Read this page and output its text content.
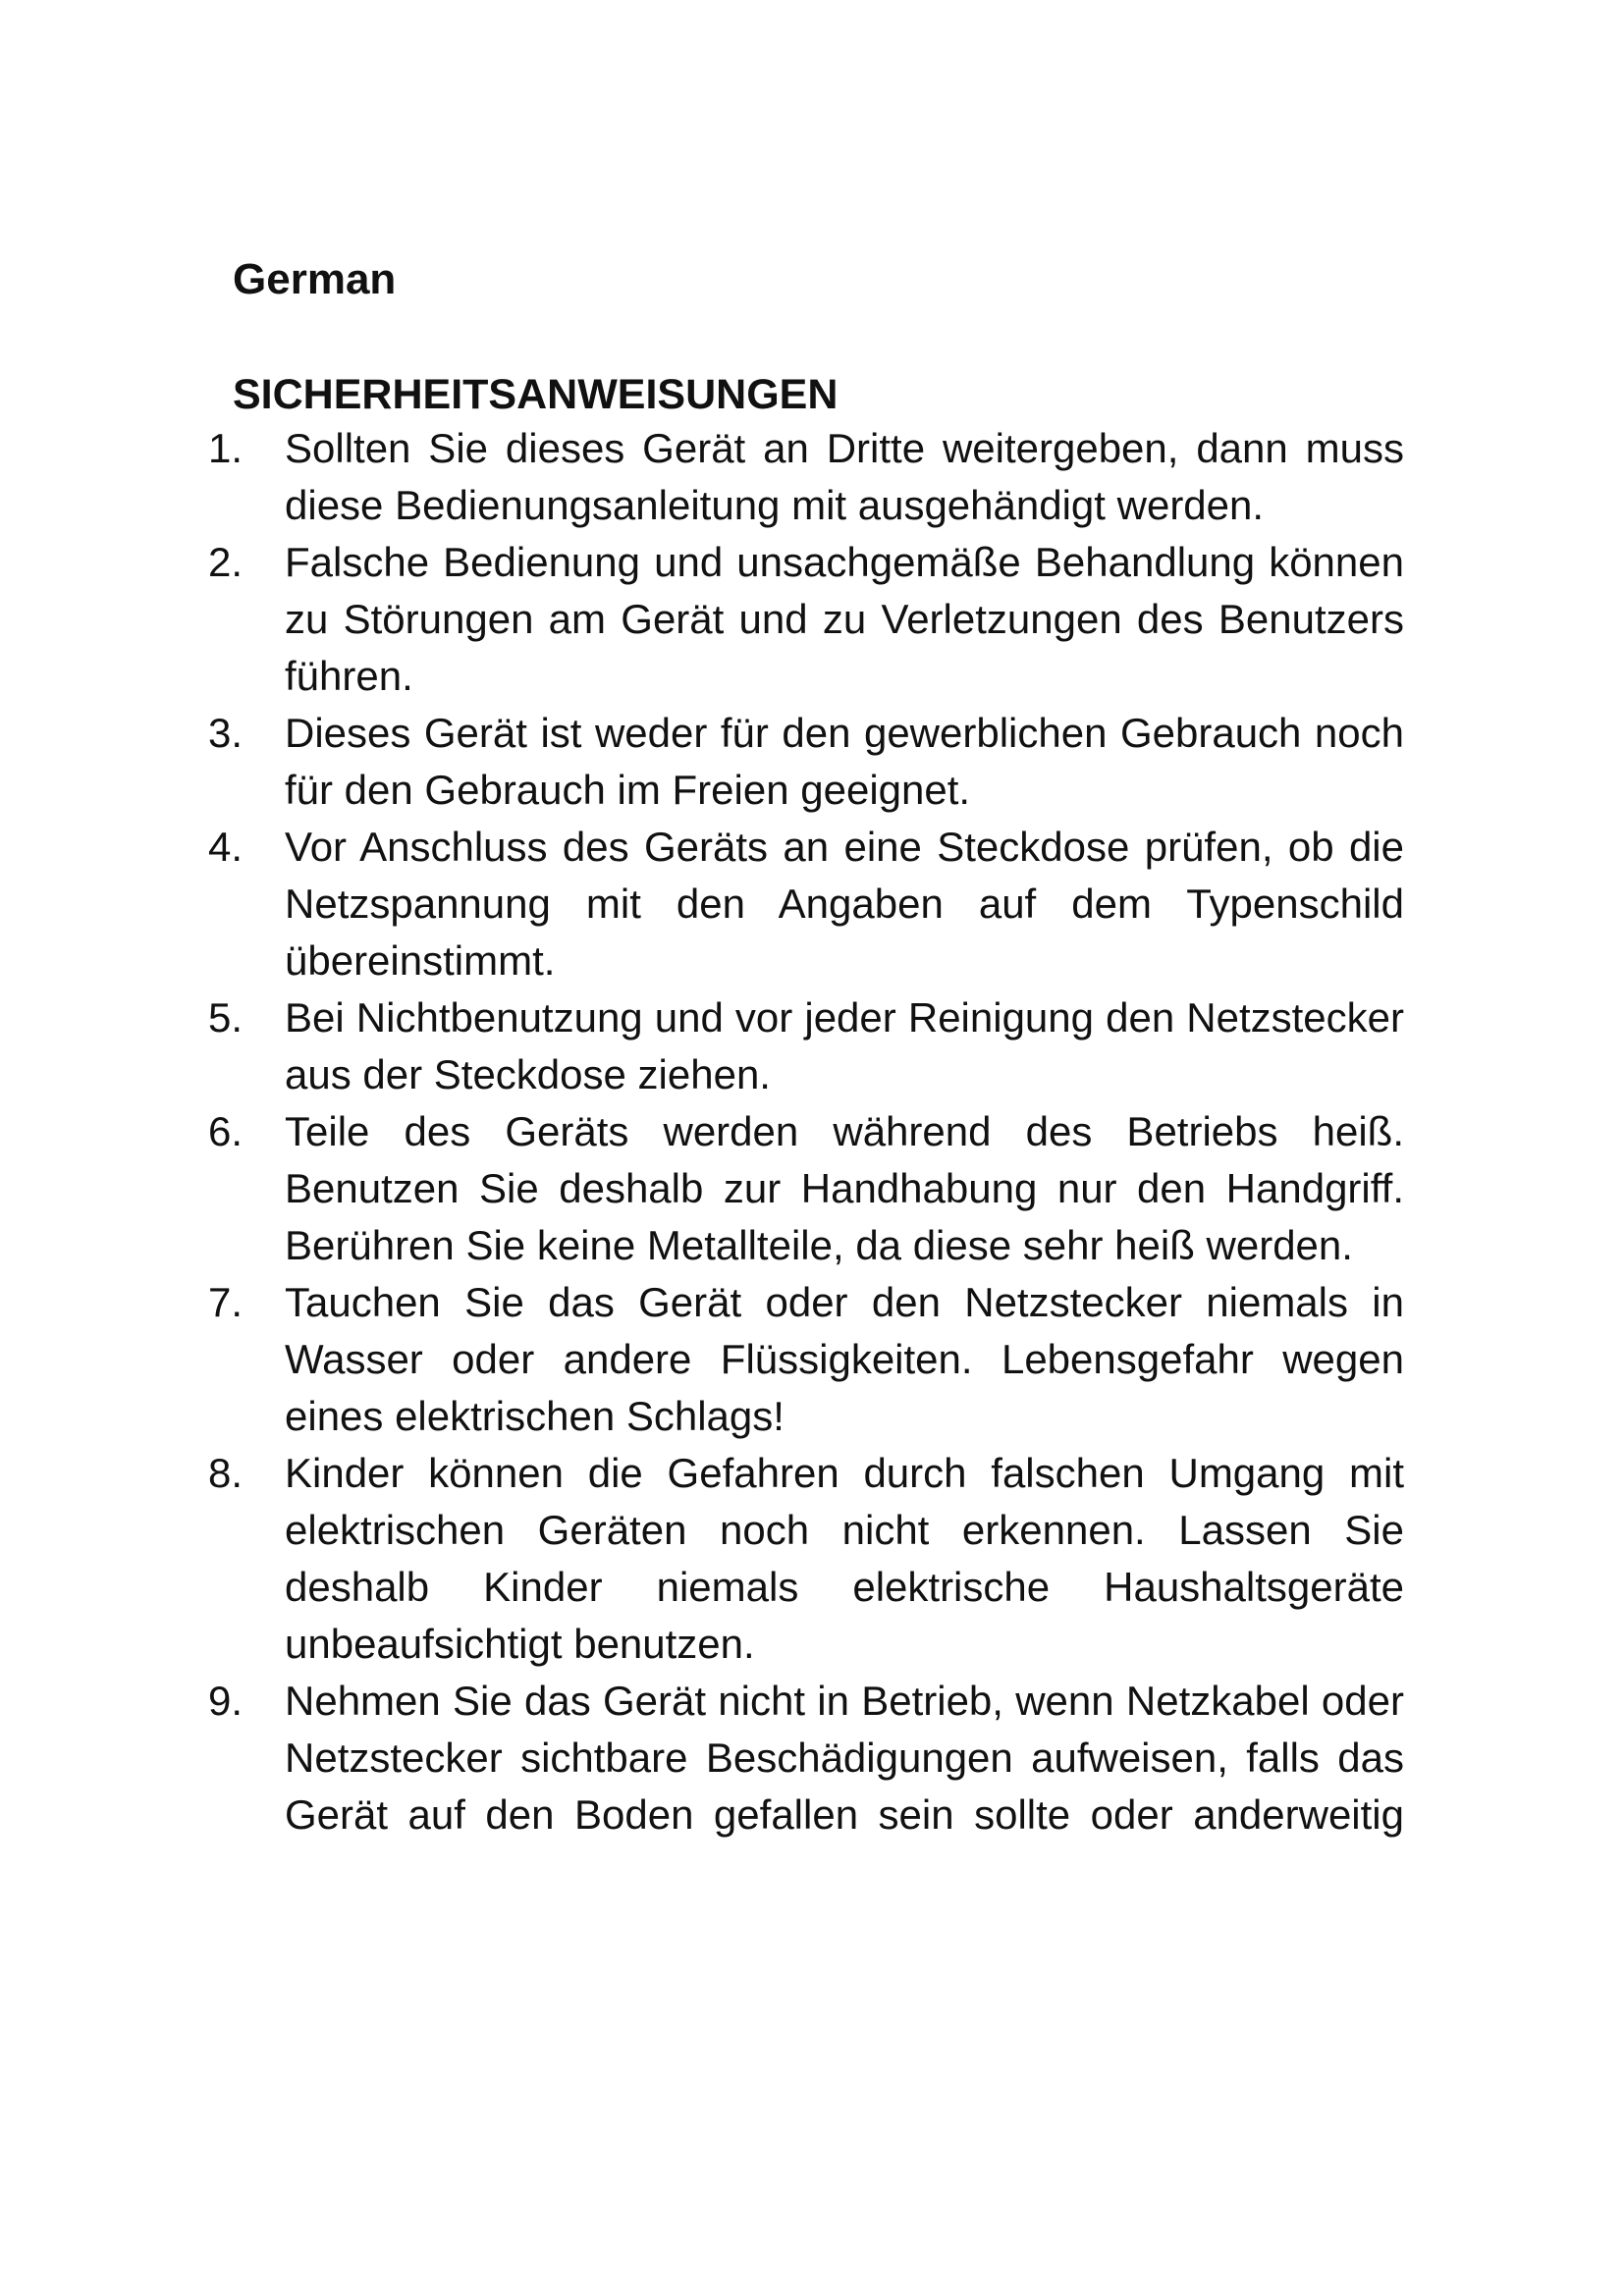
German
SICHERHEITSANWEISUNGEN
1.	Sollten Sie dieses Gerät an Dritte weitergeben, dann muss diese Bedienungsanleitung mit ausgehändigt werden.
2.	Falsche Bedienung und unsachgemäße Behandlung können zu Störungen am Gerät und zu Verletzungen des Benutzers führen.
3.	Dieses Gerät ist weder für den gewerblichen Gebrauch noch für den Gebrauch im Freien geeignet.
4.	Vor Anschluss des Geräts an eine Steckdose prüfen, ob die Netzspannung mit den Angaben auf dem Typenschild übereinstimmt.
5.	Bei Nichtbenutzung und vor jeder Reinigung den Netzstecker aus der Steckdose ziehen.
6.	Teile des Geräts werden während des Betriebs heiß. Benutzen Sie deshalb zur Handhabung nur den Handgriff. Berühren Sie keine Metallteile, da diese sehr heiß werden.
7.	Tauchen Sie das Gerät oder den Netzstecker niemals in Wasser oder andere Flüssigkeiten. Lebensgefahr wegen eines elektrischen Schlags!
8.	Kinder können die Gefahren durch falschen Umgang mit elektrischen Geräten noch nicht erkennen. Lassen Sie deshalb Kinder niemals elektrische Haushaltsgeräte unbeaufsichtigt benutzen.
9.	Nehmen Sie das Gerät nicht in Betrieb, wenn Netzkabel oder Netzstecker sichtbare Beschädigungen aufweisen, falls das Gerät auf den Boden gefallen sein sollte oder anderweitig
